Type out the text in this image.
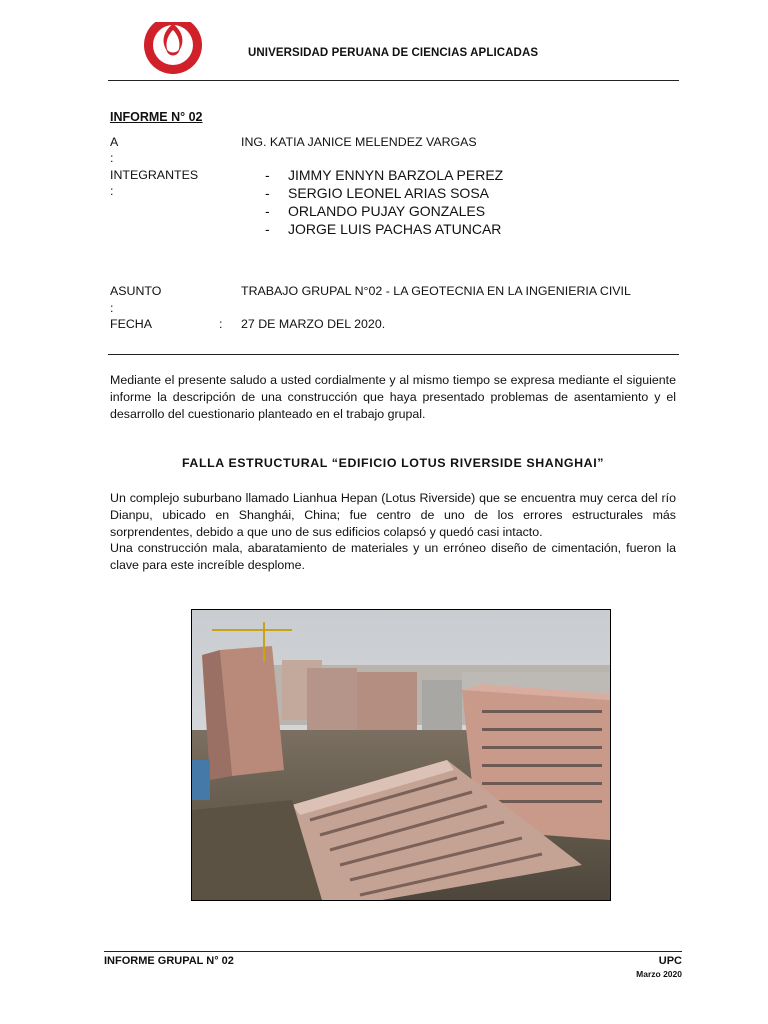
UNIVERSIDAD PERUANA DE CIENCIAS APLICADAS
INFORME N° 02
A
:
ING. KATIA JANICE MELENDEZ VARGAS
INTEGRANTES
:
- JIMMY ENNYN BARZOLA PEREZ
- SERGIO LEONEL ARIAS SOSA
- ORLANDO PUJAY GONZALES
- JORGE LUIS PACHAS ATUNCAR
ASUNTO
:
TRABAJO GRUPAL N°02 - LA GEOTECNIA EN LA INGENIERIA CIVIL
FECHA	: 27 DE MARZO DEL 2020.
Mediante el presente saludo a usted cordialmente y al mismo tiempo se expresa mediante el siguiente informe la descripción de una construcción que haya presentado problemas de asentamiento y el desarrollo del cuestionario planteado en el trabajo grupal.
FALLA ESTRUCTURAL “EDIFICIO LOTUS RIVERSIDE SHANGHAI”
Un complejo suburbano llamado Lianhua Hepan (Lotus Riverside) que se encuentra muy cerca del río Dianpu, ubicado en Shanghái, China; fue centro de uno de los errores estructurales más sorprendentes, debido a que uno de sus edificios colapsó y quedó casi intacto.
Una construcción mala, abaratamiento de materiales y un erróneo diseño de cimentación, fueron la clave para este increíble desplome.
INFORME GRUPAL N° 02	UPC
Marzo 2020
